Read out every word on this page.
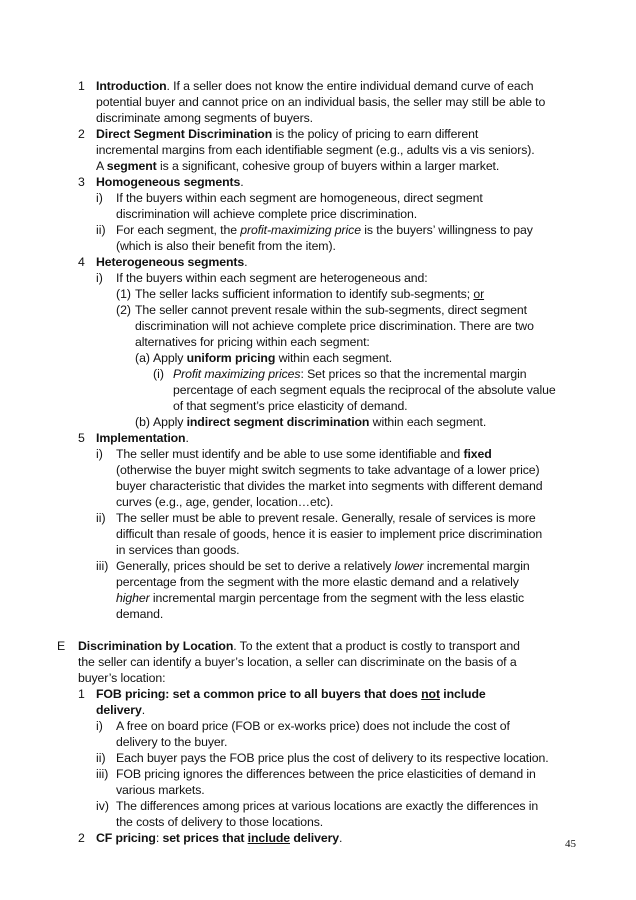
1 Introduction. If a seller does not know the entire individual demand curve of each
potential buyer and cannot price on an individual basis, the seller may still be able to
discriminate among segments of buyers.
2 Direct Segment Discrimination is the policy of pricing to earn different
incremental margins from each identifiable segment (e.g., adults vis a vis seniors).
A segment is a significant, cohesive group of buyers within a larger market.
3 Homogeneous segments.
i) If the buyers within each segment are homogeneous, direct segment
discrimination will achieve complete price discrimination.
ii) For each segment, the profit-maximizing price is the buyers’ willingness to pay
(which is also their benefit from the item).
4 Heterogeneous segments.
i) If the buyers within each segment are heterogeneous and:
(1) The seller lacks sufficient information to identify sub-segments; or
(2) The seller cannot prevent resale within the sub-segments, direct segment
discrimination will not achieve complete price discrimination. There are two
alternatives for pricing within each segment:
(a) Apply uniform pricing within each segment.
(i) Profit maximizing prices: Set prices so that the incremental margin
percentage of each segment equals the reciprocal of the absolute value
of that segment’s price elasticity of demand.
(b) Apply indirect segment discrimination within each segment.
5 Implementation.
i) The seller must identify and be able to use some identifiable and fixed
(otherwise the buyer might switch segments to take advantage of a lower price)
buyer characteristic that divides the market into segments with different demand
curves (e.g., age, gender, location…etc).
ii) The seller must be able to prevent resale. Generally, resale of services is more
difficult than resale of goods, hence it is easier to implement price discrimination
in services than goods.
iii) Generally, prices should be set to derive a relatively lower incremental margin
percentage from the segment with the more elastic demand and a relatively
higher incremental margin percentage from the segment with the less elastic
demand.
E Discrimination by Location. To the extent that a product is costly to transport and
the seller can identify a buyer’s location, a seller can discriminate on the basis of a
buyer’s location:
1 FOB pricing: set a common price to all buyers that does not include
delivery.
i) A free on board price (FOB or ex-works price) does not include the cost of
delivery to the buyer.
ii) Each buyer pays the FOB price plus the cost of delivery to its respective location.
iii) FOB pricing ignores the differences between the price elasticities of demand in
various markets.
iv) The differences among prices at various locations are exactly the differences in
the costs of delivery to those locations.
2 CF pricing: set prices that include delivery.	45
